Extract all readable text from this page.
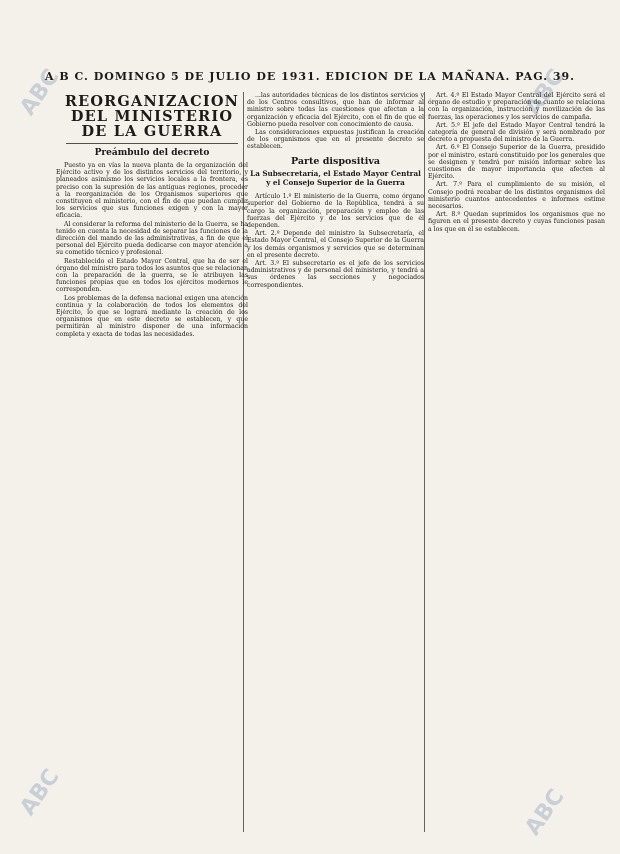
ABC	ABC
ABC	ABC
A B C. DOMINGO 5 DE JULIO DE 1931. EDICION DE LA MAÑANA. PAG. 39.
REORGANIZACION DEL MINISTERIO DE LA GUERRA
Preámbulo del decreto

Puesto ya en vías la nueva planta de la organización del Ejército activo y de los distintos servicios del territorio, y planeados asimismo los servicios locales a la frontera, es preciso con la supresión de las antiguas regiones, proceder a la reorganización de los Organismos superiores que constituyen el ministerio, con el fin de que puedan cumplir los servicios que sus funciones exigen y con la mayor eficacia.

Al considerar la reforma del ministerio de la Guerra, se ha tenido en cuenta la necesidad de separar las funciones de la dirección del mando de las administrativas, a fin de que el personal del Ejército pueda dedicarse con mayor atención a su cometido técnico y profesional.

Restablecido el Estado Mayor Central, que ha de ser el órgano del ministro para todos los asuntos que se relacionan con la preparación de la guerra, se le atribuyen las funciones propias que en todos los ejércitos modernos le corresponden.

Los problemas de la defensa nacional exigen una atención continua y la colaboración de todos los elementos del Ejército, lo que se logrará mediante la creación de los organismos que en este decreto se establecen, y que permitirán al ministro disponer de una información completa y exacta de todas las necesidades.

...las autoridades técnicas de los distintos servicios y de los Centros consultivos, que han de informar al ministro sobre todas las cuestiones que afectan a la organización y eficacia del Ejército, con el fin de que el Gobierno pueda resolver con conocimiento de causa.

Las consideraciones expuestas justifican la creación de los organismos que en el presente decreto se establecen.

Parte dispositiva
La Subsecretaría, el Estado Mayor Central y el Consejo Superior de la Guerra

Artículo 1.º El ministerio de la Guerra, como órgano superior del Gobierno de la República, tendrá a su cargo la organización, preparación y empleo de las fuerzas del Ejército y de los servicios que de él dependen.

Art. 2.º Depende del ministro la Subsecretaría, el Estado Mayor Central, el Consejo Superior de la Guerra y los demás organismos y servicios que se determinan en el presente decreto.

Art. 3.º El subsecretario es el jefe de los servicios administrativos y de personal del ministerio, y tendrá a sus órdenes las secciones y negociados correspondientes.

Art. 4.º El Estado Mayor Central del Ejército será el órgano de estudio y preparación de cuanto se relaciona con la organización, instrucción y movilización de las fuerzas, las operaciones y los servicios de campaña.

Art. 5.º El jefe del Estado Mayor Central tendrá la categoría de general de división y será nombrado por decreto a propuesta del ministro de la Guerra.

Art. 6.º El Consejo Superior de la Guerra, presidido por el ministro, estará constituido por los generales que se designen y tendrá por misión informar sobre las cuestiones de mayor importancia que afecten al Ejército.

Art. 7.º Para el cumplimiento de su misión, el Consejo podrá recabar de los distintos organismos del ministerio cuantos antecedentes e informes estime necesarios.

Art. 8.º Quedan suprimidos los organismos que no figuren en el presente decreto y cuyas funciones pasan a los que en él se establecen.
